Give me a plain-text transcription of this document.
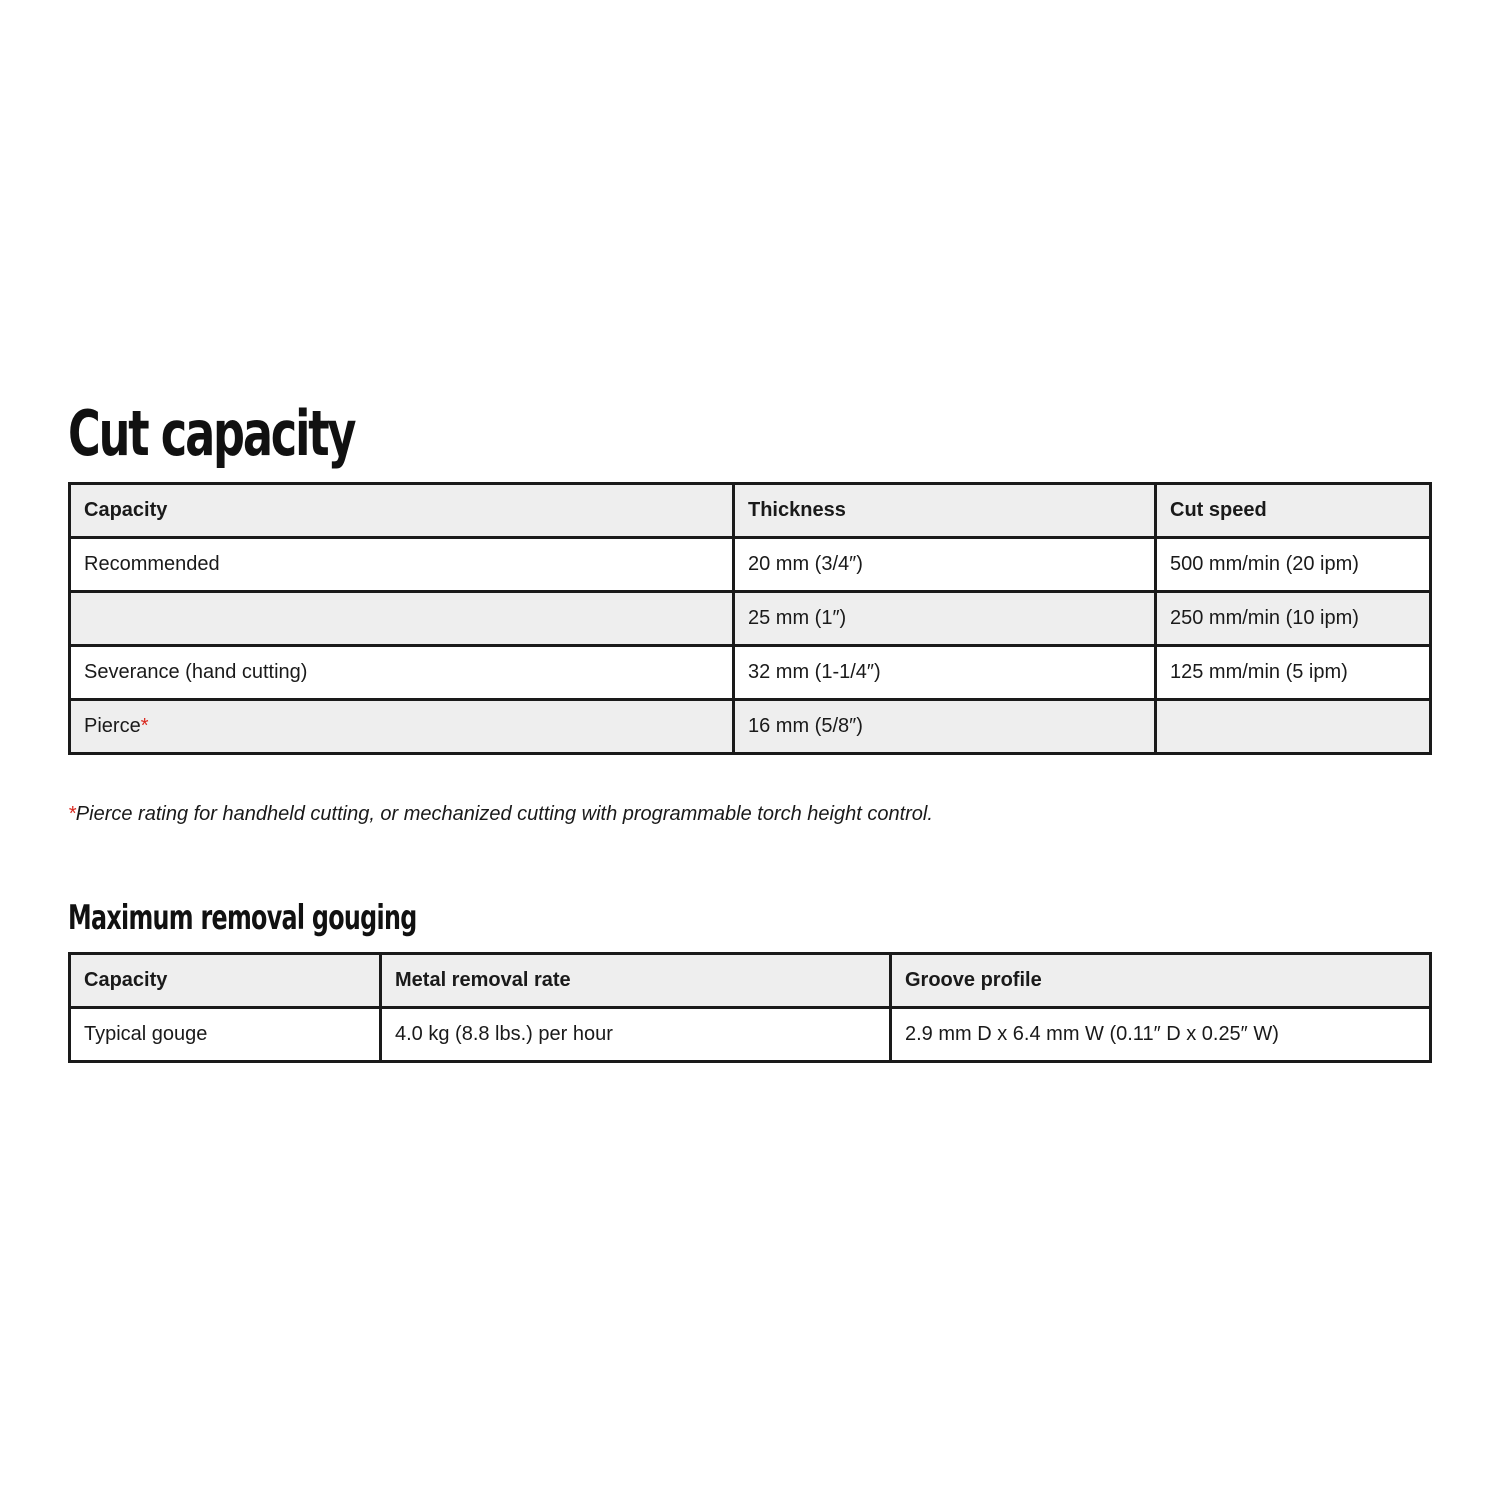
Cut capacity
Capacity	Thickness	Cut speed
Recommended	20 mm (3/4″)	500 mm/min (20 ipm)
	25 mm (1″)	250 mm/min (10 ipm)
Severance (hand cutting)	32 mm (1-1/4″)	125 mm/min (5 ipm)
Pierce*	16 mm (5/8″)	

*Pierce rating for handheld cutting, or mechanized cutting with programmable torch height control.

Maximum removal gouging
Capacity	Metal removal rate	Groove profile
Typical gouge	4.0 kg (8.8 lbs.) per hour	2.9 mm D x 6.4 mm W (0.11″ D x 0.25″ W)
